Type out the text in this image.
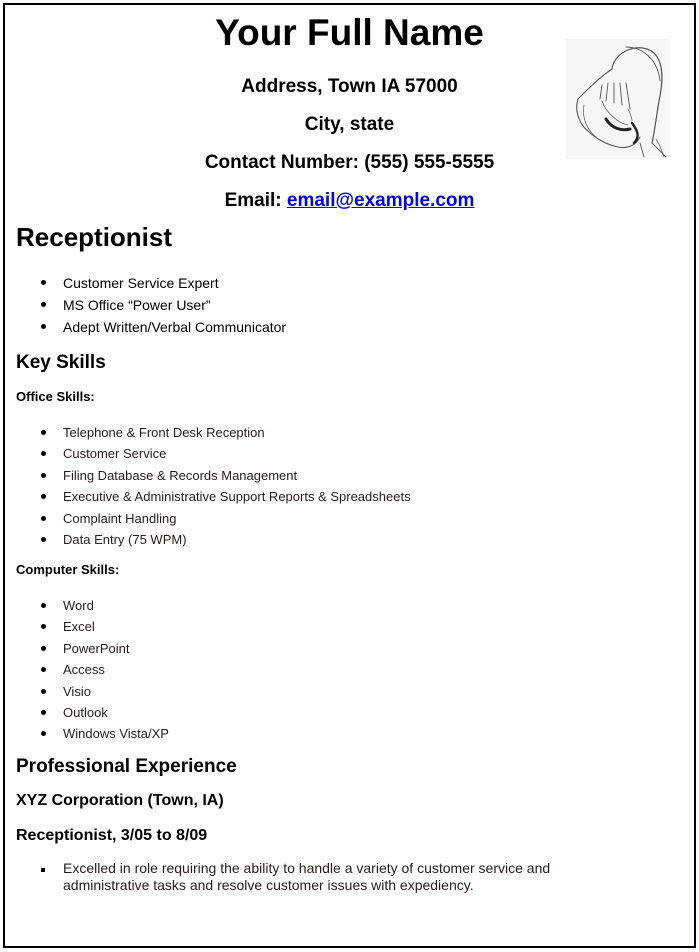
Your Full Name
Address, Town IA 57000
City, state
Contact Number: (555) 555-5555
Email: email@example.com
Receptionist
Customer Service Expert
MS Office “Power User”
Adept Written/Verbal Communicator
Key Skills
Office Skills:
Telephone & Front Desk Reception
Customer Service
Filing Database & Records Management
Executive & Administrative Support Reports & Spreadsheets
Complaint Handling
Data Entry (75 WPM)
Computer Skills:
Word
Excel
PowerPoint
Access
Visio
Outlook
Windows Vista/XP
Professional Experience
XYZ Corporation (Town, IA)
Receptionist, 3/05 to 8/09
Excelled in role requiring the ability to handle a variety of customer service and administrative tasks and resolve customer issues with expediency.
